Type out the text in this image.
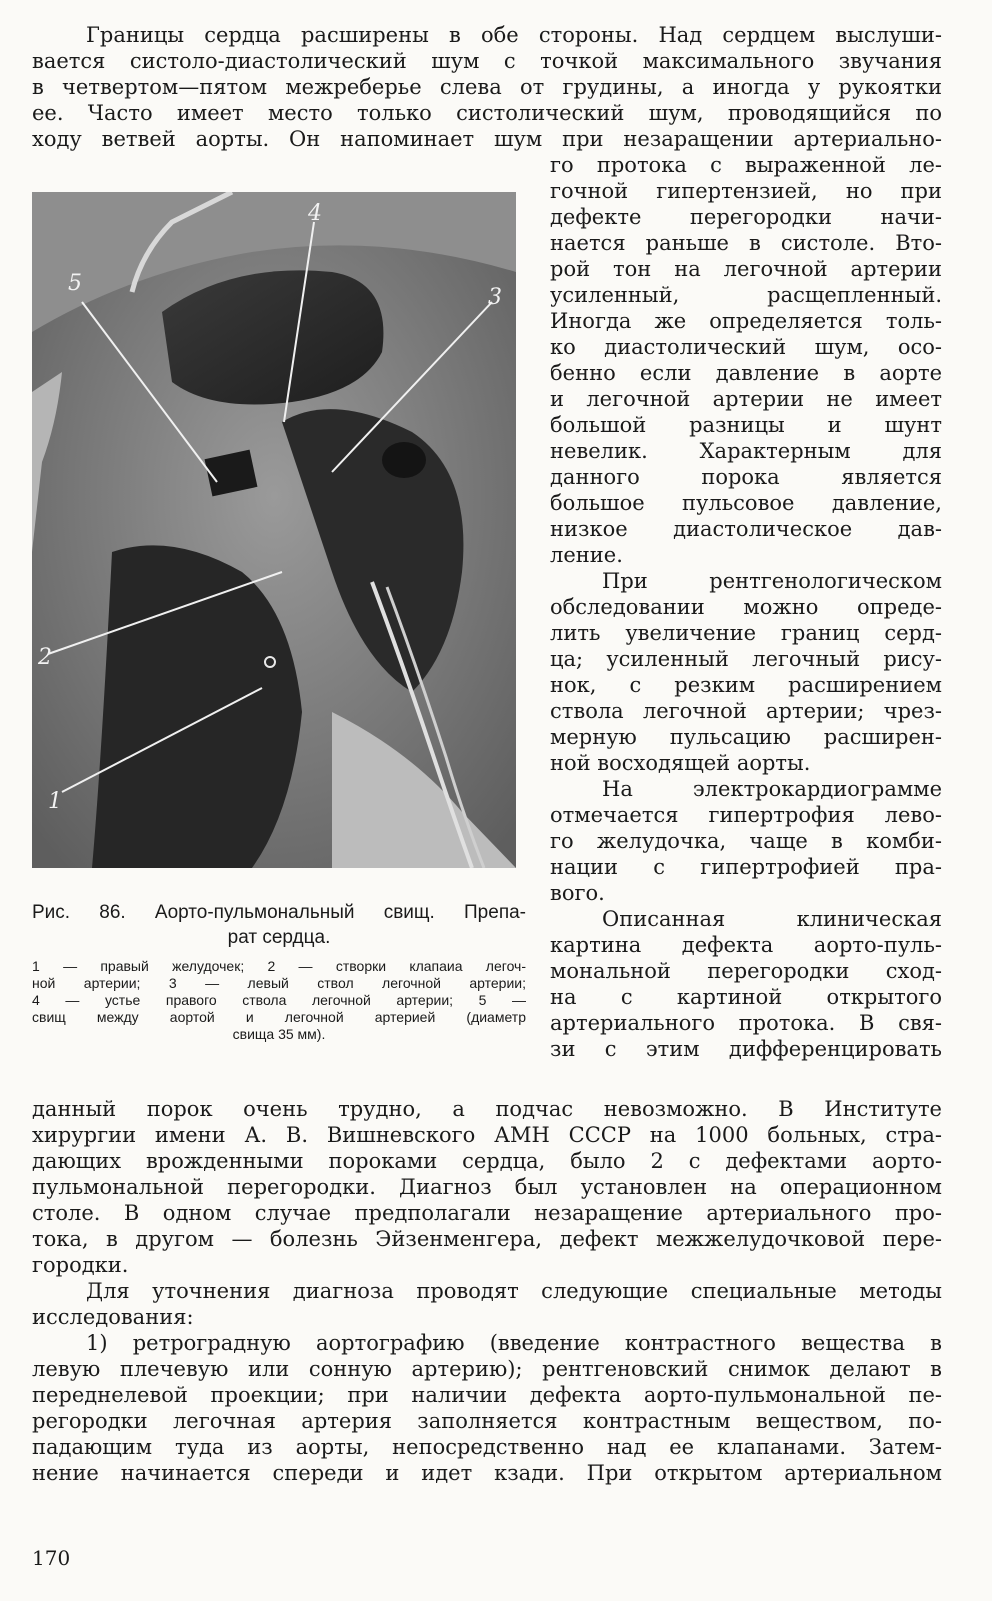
Границы сердца расширены в обе стороны. Над сердцем выслуши-
вается систоло-диастолический шум с точкой максимального звучания
в четвертом—пятом межреберье слева от грудины, а иногда у рукоятки
ее. Часто имеет место только систолический шум, проводящийся по
ходу ветвей аорты. Он напоминает шум при незаращении артериально-
5
4
3
2
1
Рис. 86. Аорто-пульмональный свищ. Препа-
рат сердца.
1 — правый желудочек; 2 — створки клапаиа легоч-
ной артерии; 3 — левый ствол легочной артерии;
4 — устье правого ствола легочной артерии; 5 —
свищ между аортой и легочной артерией (диаметр
свища 35 мм).
го протока с выраженной ле-
гочной гипертензией, но при
дефекте перегородки начи-
нается раньше в систоле. Вто-
рой тон на легочной артерии
усиленный, расщепленный.
Иногда же определяется толь-
ко диастолический шум, осо-
бенно если давление в аорте
и легочной артерии не имеет
большой разницы и шунт
невелик. Характерным для
данного порока является
большое пульсовое давление,
низкое диастолическое дав-
ление.
При рентгенологическом
обследовании можно опреде-
лить увеличение границ серд-
ца; усиленный легочный рису-
нок, с резким расширением
ствола легочной артерии; чрез-
мерную пульсацию расширен-
ной восходящей аорты.
На электрокардиограмме
отмечается гипертрофия лево-
го желудочка, чаще в комби-
нации с гипертрофией пра-
вого.
Описанная клиническая
картина дефекта аорто-пуль-
мональной перегородки сход-
на с картиной открытого
артериального протока. В свя-
зи с этим дифференцировать
данный порок очень трудно, а подчас невозможно. В Институте
хирургии имени А. В. Вишневского АМН СССР на 1000 больных, стра-
дающих врожденными пороками сердца, было 2 с дефектами аорто-
пульмональной перегородки. Диагноз был установлен на операционном
столе. В одном случае предполагали незаращение артериального про-
тока, в другом — болезнь Эйзенменгера, дефект межжелудочковой пере-
городки.
Для уточнения диагноза проводят следующие специальные методы
исследования:
1) ретроградную аортографию (введение контрастного вещества в
левую плечевую или сонную артерию); рентгеновский снимок делают в
переднелевой проекции; при наличии дефекта аорто-пульмональной пе-
регородки легочная артерия заполняется контрастным веществом, по-
падающим туда из аорты, непосредственно над ее клапанами. Затем-
нение начинается спереди и идет кзади. При открытом артериальном
170
